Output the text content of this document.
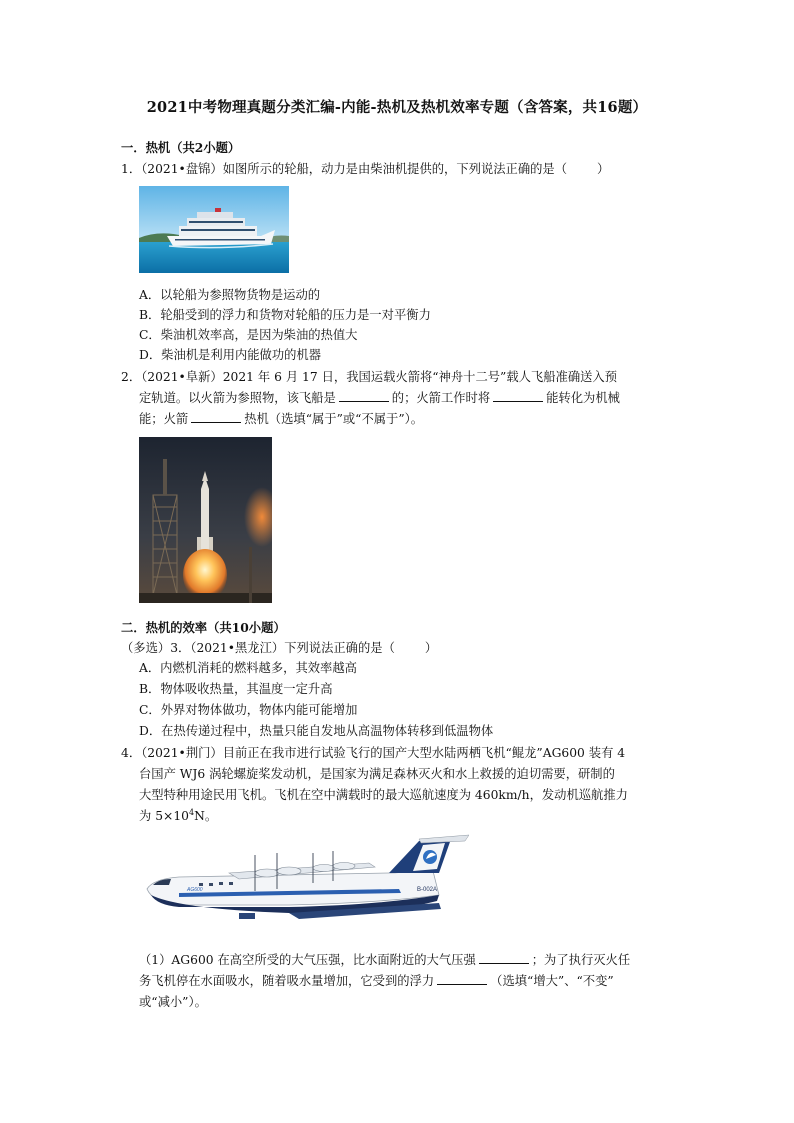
2021中考物理真题分类汇编-内能-热机及热机效率专题（含答案，共16题）
一．热机（共2小题）
1．（2021•盘锦）如图所示的轮船，动力是由柴油机提供的，下列说法正确的是（ ）
A．以轮船为参照物货物是运动的
B．轮船受到的浮力和货物对轮船的压力是一对平衡力
C．柴油机效率高，是因为柴油的热值大
D．柴油机是利用内能做功的机器
2．（2021•阜新）2021 年 6 月 17 日，我国运载火箭将“神舟十二号”载人飞船准确送入预
定轨道。以火箭为参照物，该飞船是	的；火箭工作时将	能转化为机械
能；火箭	热机（选填“属于”或“不属于”）。
二．热机的效率（共10小题）
（多选）3．（2021•黑龙江）下列说法正确的是（ ）
A．内燃机消耗的燃料越多，其效率越高
B．物体吸收热量，其温度一定升高
C．外界对物体做功，物体内能可能增加
D．在热传递过程中，热量只能自发地从高温物体转移到低温物体
4．（2021•荆门）目前正在我市进行试验飞行的国产大型水陆两栖飞机“鲲龙”AG600 装有 4
台国产 WJ6 涡轮螺旋桨发动机，是国家为满足森林灭火和水上救援的迫切需要，研制的
大型特种用途民用飞机。飞机在空中满载时的最大巡航速度为 460km/h，发动机巡航推力
为 $5\times 10^4N$。
B-002A
AG600
（1）AG600 在高空所受的大气压强，比水面附近的大气压强	；为了执行灭火任
务飞机停在水面吸水，随着吸水量增加，它受到的浮力	（选填“增大”、“不变”
或“减小”）。
